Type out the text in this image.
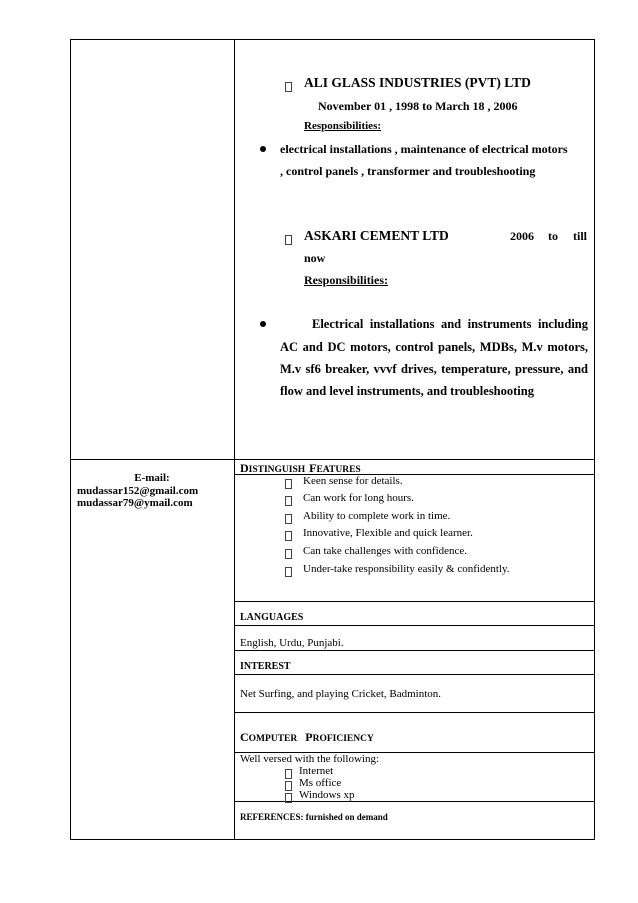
E-mail:
mudassar152@gmail.com
mudassar79@ymail.com
ALI GLASS INDUSTRIES (PVT) LTD
November 01 , 1998 to March 18 , 2006
Responsibilities:
electrical installations , maintenance of electrical motors
, control panels , transformer and troubleshooting
ASKARI CEMENT LTD	2006 to till
now
Responsibilities:
Electrical installations and instruments including
AC and DC motors, control panels, MDBs, M.v motors,
M.v sf6 breaker, vvvf drives, temperature, pressure, and
flow and level instruments, and troubleshooting
DISTINGUISH FEATURES
Keen sense for details.
Can work for long hours.
Ability to complete work in time.
Innovative, Flexible and quick learner.
Can take challenges with confidence.
Under-take responsibility easily & confidently.
LANGUAGES
English, Urdu, Punjabi.
INTEREST
Net Surfing, and playing Cricket, Badminton.
COMPUTER PROFICIENCY
Well versed with the following:
Internet
Ms office
Windows xp
REFERENCES: furnished on demand
